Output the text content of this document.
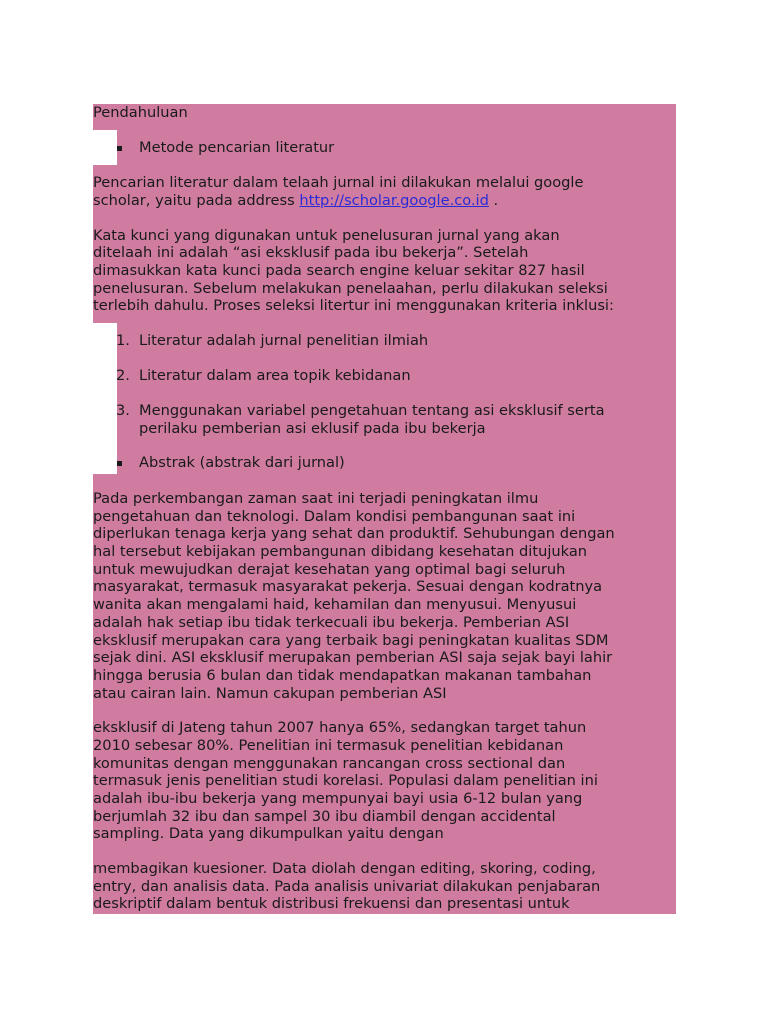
Pendahuluan
Metode pencarian literatur
Pencarian literatur dalam telaah jurnal ini dilakukan melalui google
scholar, yaitu pada address http://scholar.google.co.id .
Kata kunci yang digunakan untuk penelusuran jurnal yang akan
ditelaah ini adalah “asi eksklusif pada ibu bekerja”. Setelah
dimasukkan kata kunci pada search engine keluar sekitar 827 hasil
penelusuran. Sebelum melakukan penelaahan, perlu dilakukan seleksi
terlebih dahulu. Proses seleksi litertur ini menggunakan kriteria inklusi:
1. Literatur adalah jurnal penelitian ilmiah
2. Literatur dalam area topik kebidanan
3. Menggunakan variabel pengetahuan tentang asi eksklusif serta
perilaku pemberian asi eklusif pada ibu bekerja
Abstrak (abstrak dari jurnal)
Pada perkembangan zaman saat ini terjadi peningkatan ilmu
pengetahuan dan teknologi. Dalam kondisi pembangunan saat ini
diperlukan tenaga kerja yang sehat dan produktif. Sehubungan dengan
hal tersebut kebijakan pembangunan dibidang kesehatan ditujukan
untuk mewujudkan derajat kesehatan yang optimal bagi seluruh
masyarakat, termasuk masyarakat pekerja. Sesuai dengan kodratnya
wanita akan mengalami haid, kehamilan dan menyusui. Menyusui
adalah hak setiap ibu tidak terkecuali ibu bekerja. Pemberian ASI
eksklusif merupakan cara yang terbaik bagi peningkatan kualitas SDM
sejak dini. ASI eksklusif merupakan pemberian ASI saja sejak bayi lahir
hingga berusia 6 bulan dan tidak mendapatkan makanan tambahan
atau cairan lain. Namun cakupan pemberian ASI
eksklusif di Jateng tahun 2007 hanya 65%, sedangkan target tahun
2010 sebesar 80%. Penelitian ini termasuk penelitian kebidanan
komunitas dengan menggunakan rancangan cross sectional dan
termasuk jenis penelitian studi korelasi. Populasi dalam penelitian ini
adalah ibu-ibu bekerja yang mempunyai bayi usia 6-12 bulan yang
berjumlah 32 ibu dan sampel 30 ibu diambil dengan accidental
sampling. Data yang dikumpulkan yaitu dengan
membagikan kuesioner. Data diolah dengan editing, skoring, coding,
entry, dan analisis data. Pada analisis univariat dilakukan penjabaran
deskriptif dalam bentuk distribusi frekuensi dan presentasi untuk
